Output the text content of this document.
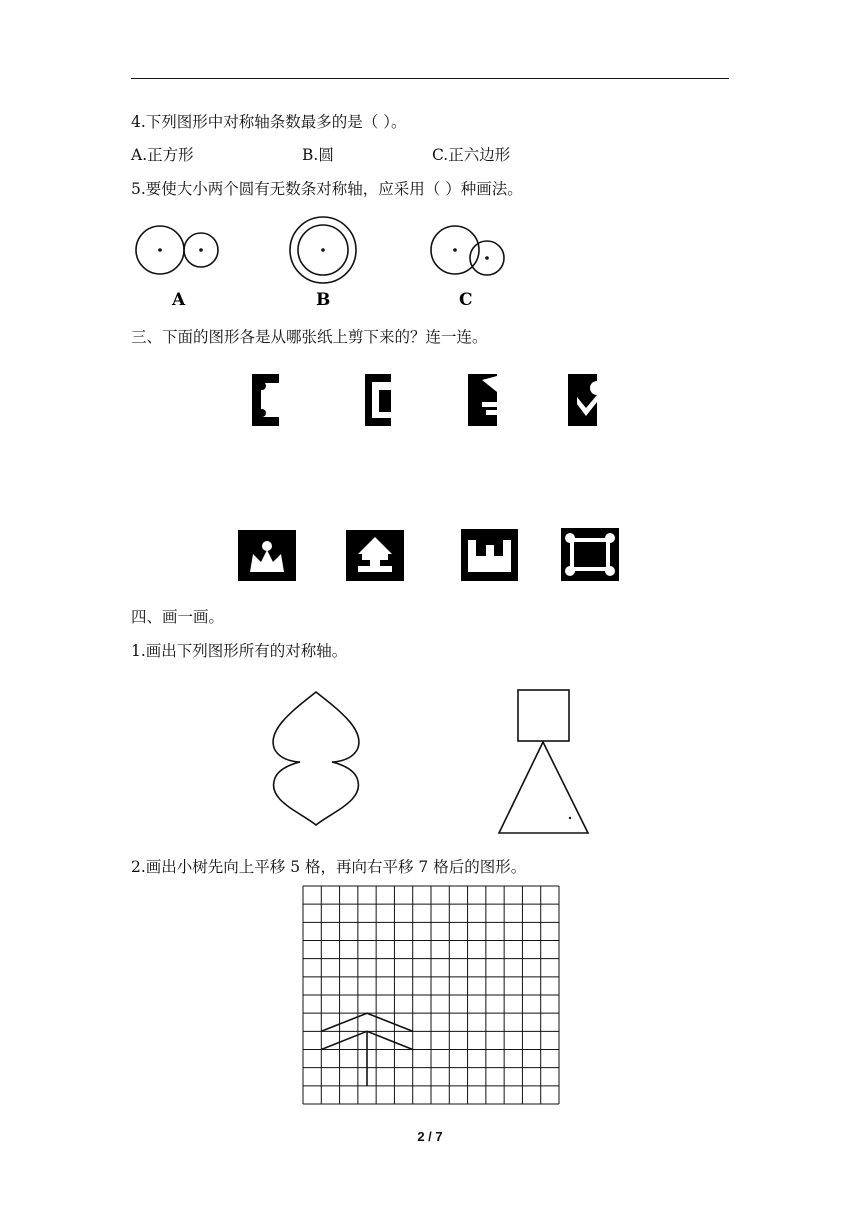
4.下列图形中对称轴条数最多的是（ ）。
A.正方形	B.圆	C.正六边形
5.要使大小两个圆有无数条对称轴，应采用（ ）种画法。
A	B	C
三、下面的图形各是从哪张纸上剪下来的？连一连。
四、画一画。
1.画出下列图形所有的对称轴。
2.画出小树先向上平移 5 格，再向右平移 7 格后的图形。
2 / 7
